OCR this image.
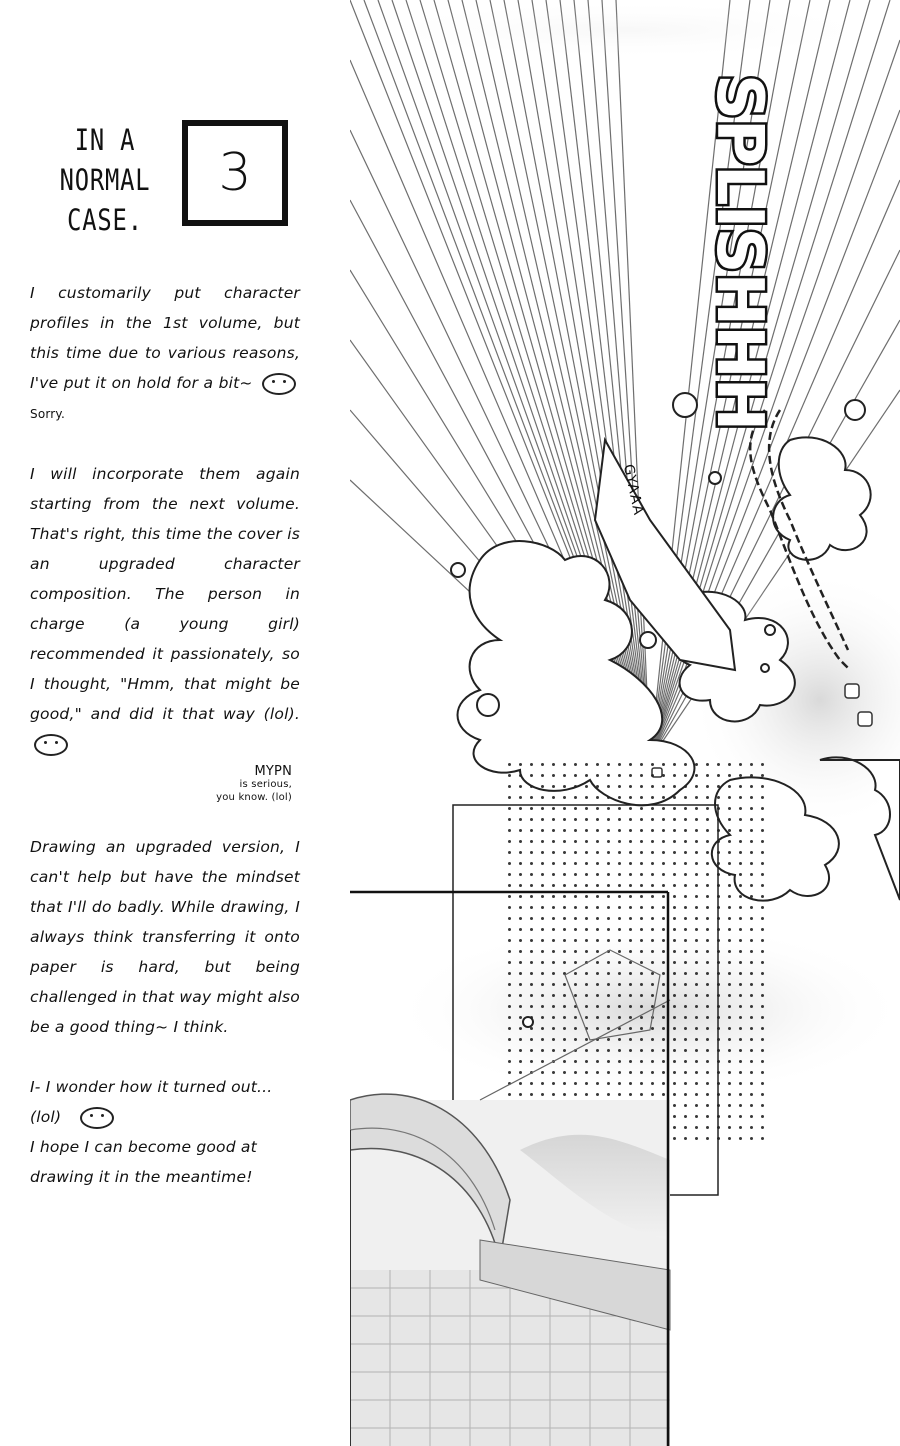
IN A
NORMAL
CASE.
3

I customarily put character profiles in the 1st volume, but this time due to various reasons, I've put it on hold for a bit~  Sorry.

I will incorporate them again starting from the next volume. That's right, this time the cover is an upgraded character composition. The person in charge (a young girl) recommended it passionately, so I thought, "Hmm, that might be good," and did it that way (lol).

MYPN
is serious,
you know. (lol)

Drawing an upgraded version, I can't help but have the mindset that I'll do badly. While drawing, I always think transferring it onto paper is hard, but being challenged in that way might also be a good thing~ I think.

I- I wonder how it turned out... (lol)

I hope I can become good at drawing it in the meantime!

SPLISHHH
GYAAA
